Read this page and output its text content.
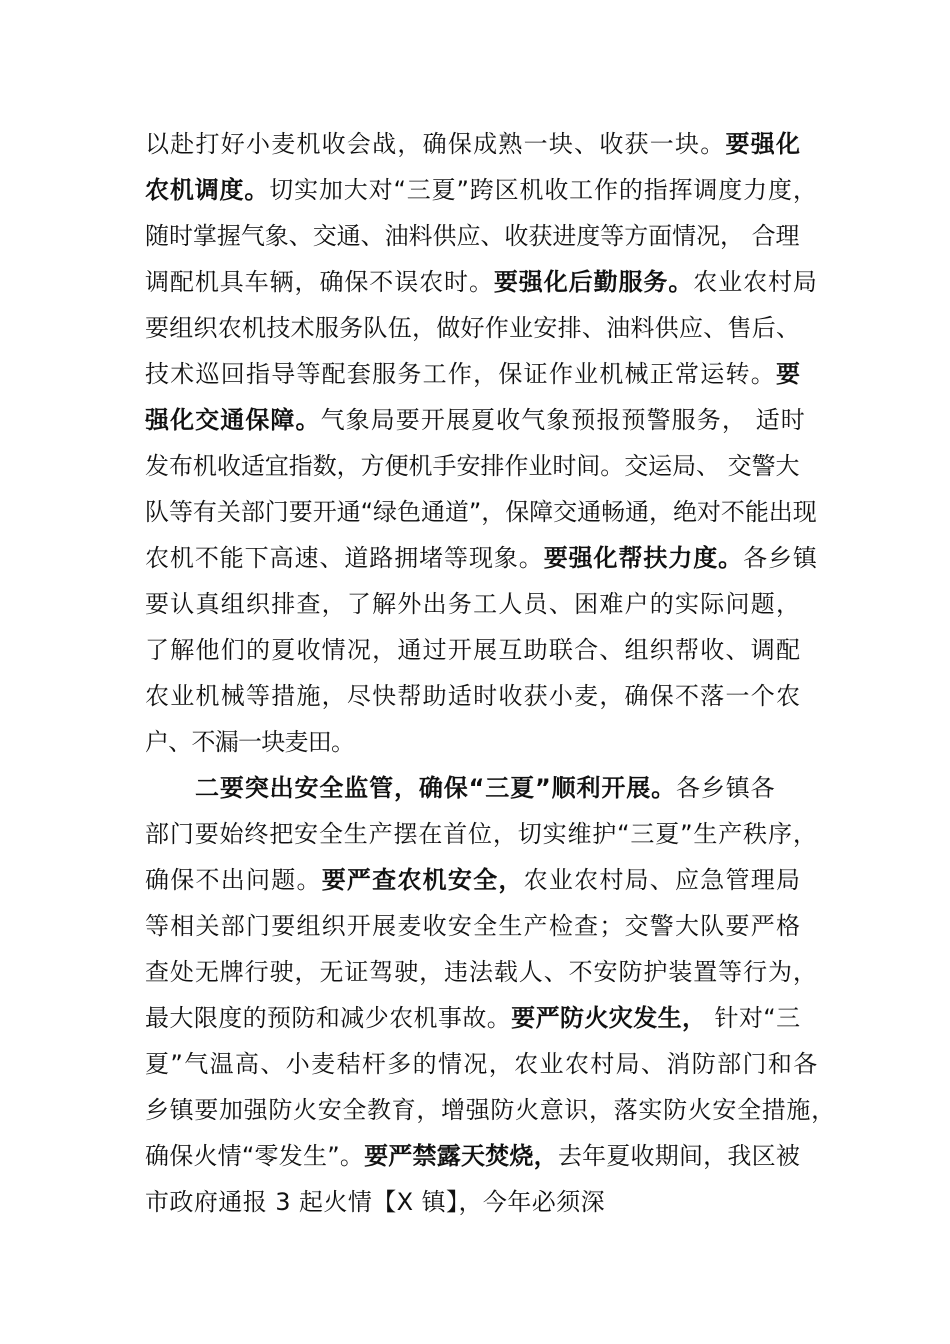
以赴打好小麦机收会战，确保成熟一块、收获一块。要强化
农机调度。切实加大对“三夏”跨区机收工作的指挥调度力度，
随时掌握气象、交通、油料供应、收获进度等方面情况， 合理
调配机具车辆，确保不误农时。要强化后勤服务。农业农村局
要组织农机技术服务队伍，做好作业安排、油料供应、售后、
技术巡回指导等配套服务工作，保证作业机械正常运转。要
强化交通保障。气象局要开展夏收气象预报预警服务， 适时
发布机收适宜指数，方便机手安排作业时间。交运局、 交警大
队等有关部门要开通“绿色通道”，保障交通畅通，绝对不能出现
农机不能下高速、道路拥堵等现象。要强化帮扶力度。各乡镇
要认真组织排查，了解外出务工人员、困难户的实际问题，
了解他们的夏收情况，通过开展互助联合、组织帮收、调配
农业机械等措施，尽快帮助适时收获小麦，确保不落一个农
户、不漏一块麦田。
二要突出安全监管，确保“三夏”顺利开展。各乡镇各
部门要始终把安全生产摆在首位，切实维护“三夏”生产秩序，
确保不出问题。要严查农机安全，农业农村局、应急管理局
等相关部门要组织开展麦收安全生产检查；交警大队要严格
查处无牌行驶，无证驾驶，违法载人、不安防护装置等行为，
最大限度的预防和减少农机事故。要严防火灾发生， 针对“三
夏”气温高、小麦秸杆多的情况，农业农村局、消防部门和各
乡镇要加强防火安全教育，增强防火意识，落实防火安全措施，
确保火情“零发生”。要严禁露天焚烧，去年夏收期间，我区被
市政府通报 3 起火情【X 镇】，今年必须深
